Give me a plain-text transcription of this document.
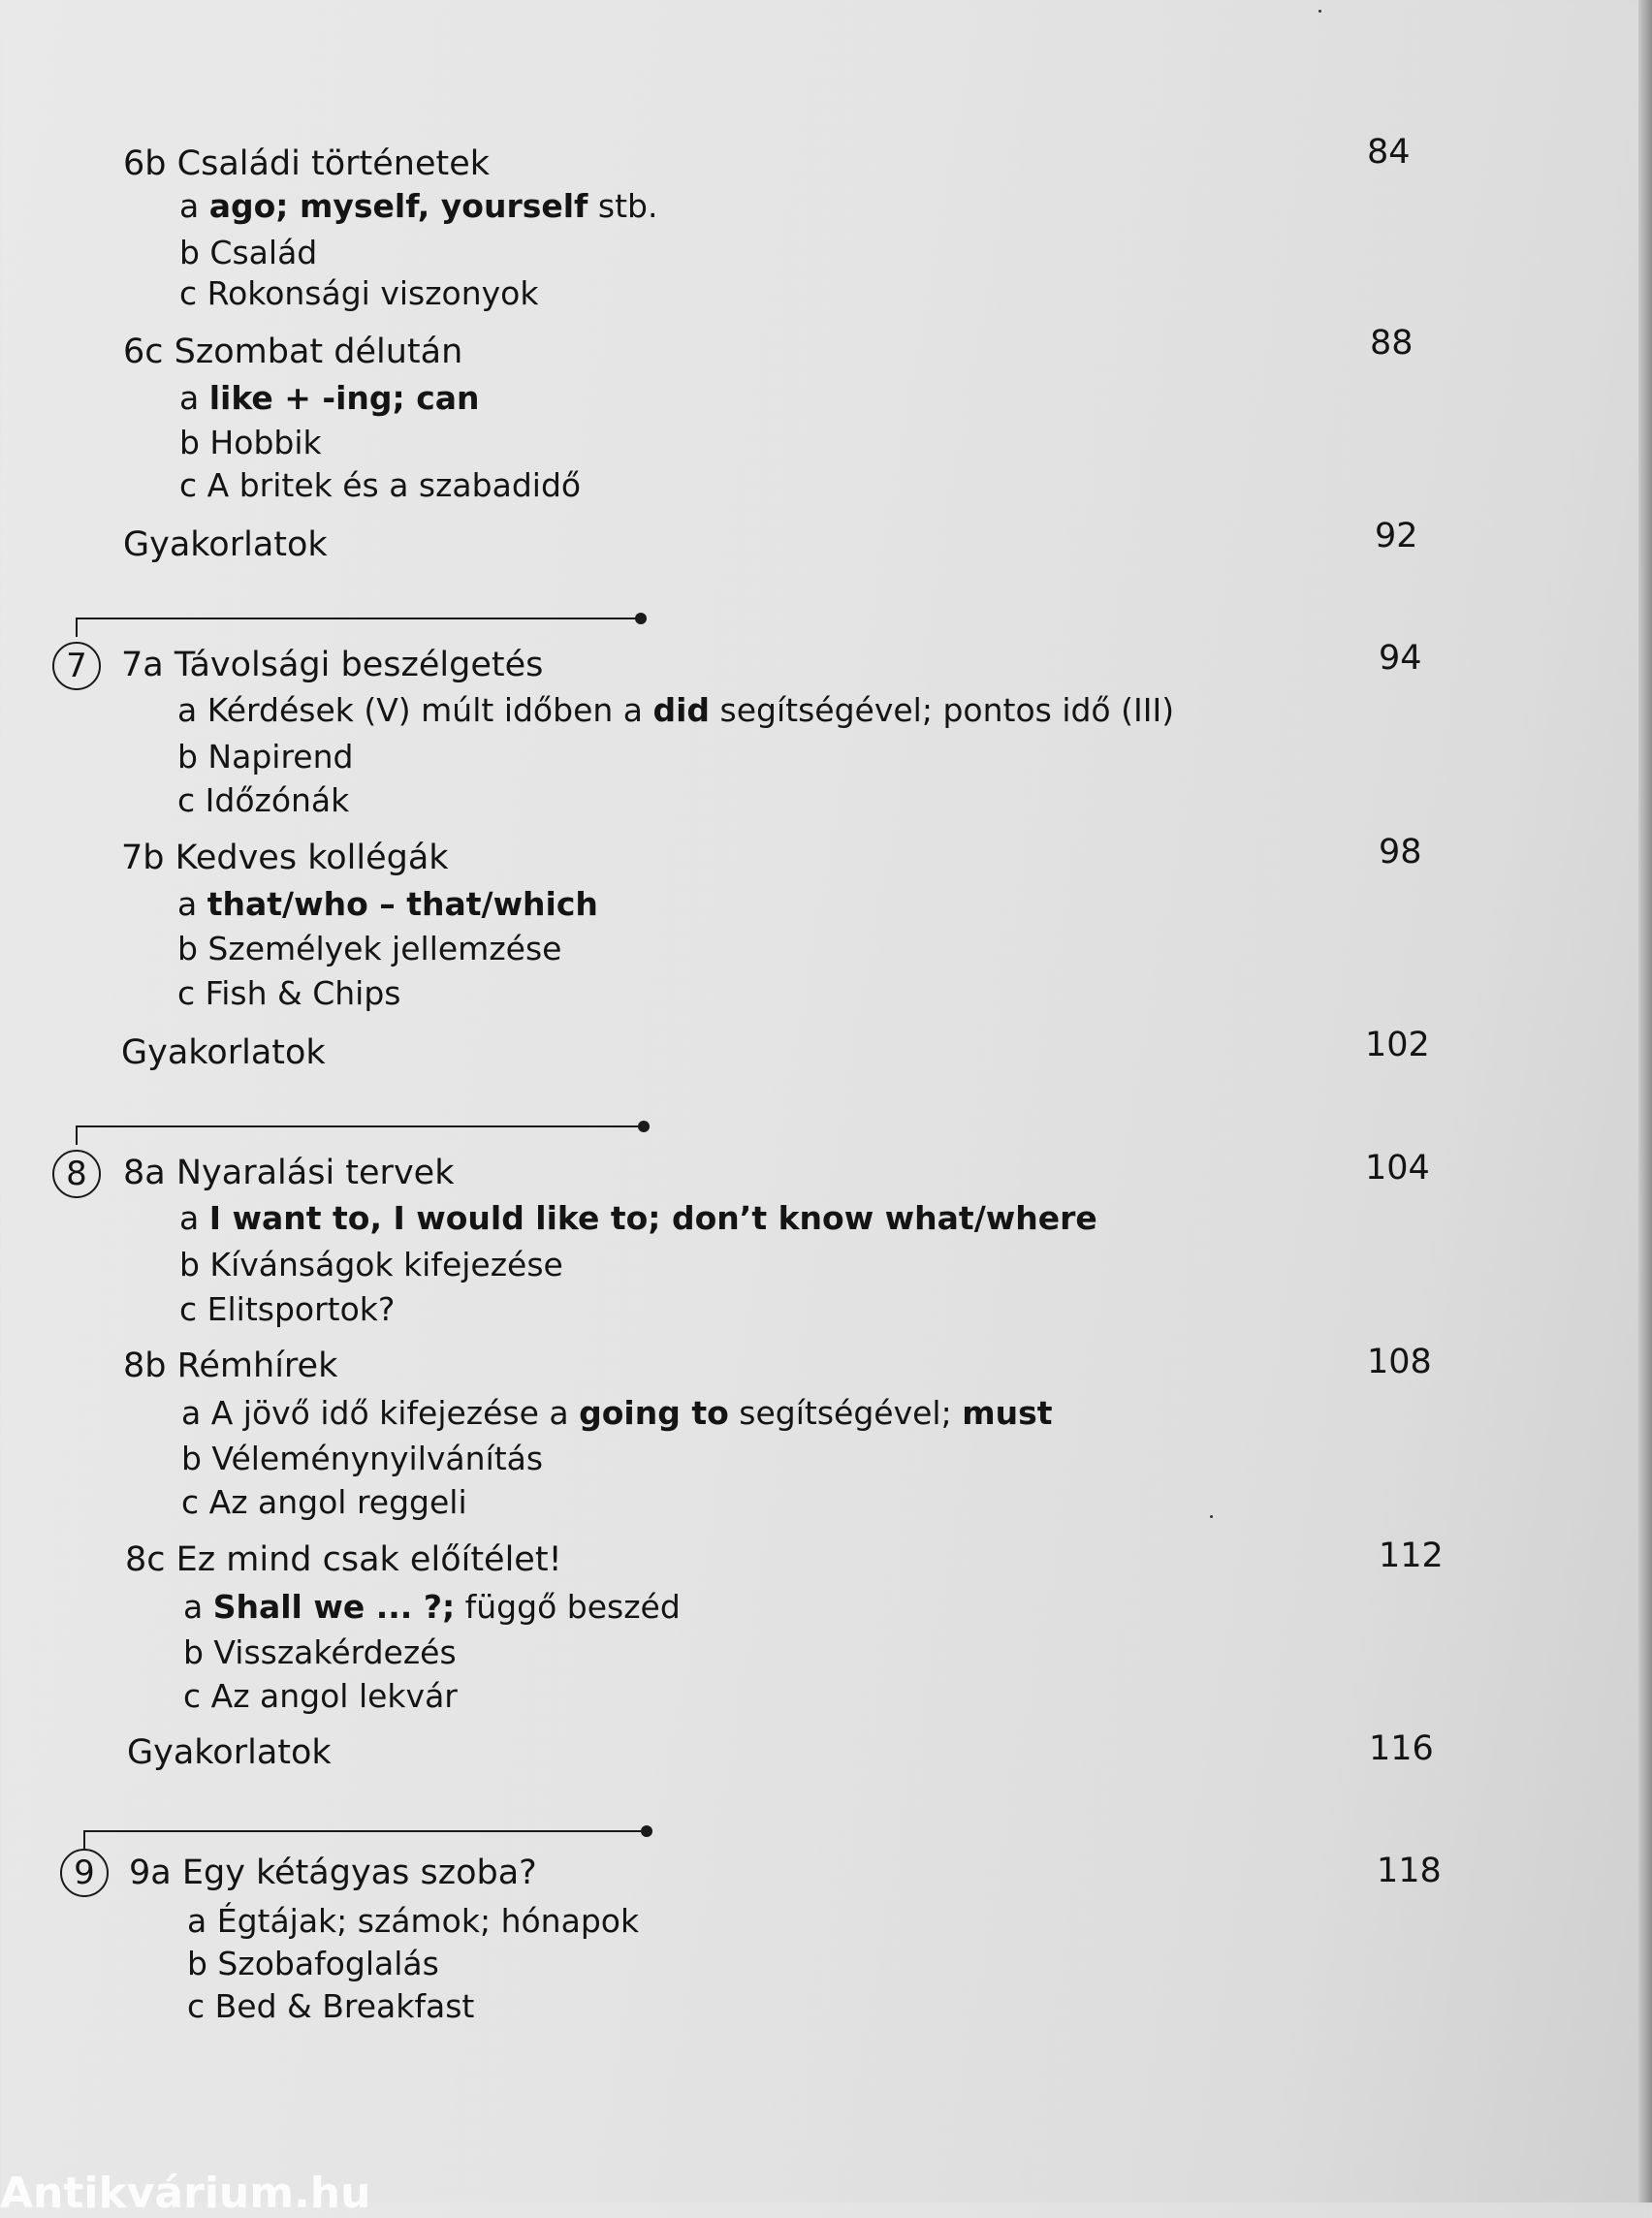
6b Családi történetek	84
a ago; myself, yourself stb.
b Család
c Rokonsági viszonyok
6c Szombat délután	88
a like + -ing; can
b Hobbik
c A britek és a szabadidő
Gyakorlatok	92
7	7a Távolsági beszélgetés	94
a Kérdések (V) múlt időben a did segítségével; pontos idő (III)
b Napirend
c Időzónák
7b Kedves kollégák	98
a that/who – that/which
b Személyek jellemzése
c Fish & Chips
Gyakorlatok	102
8	8a Nyaralási tervek	104
a I want to, I would like to; don’t know what/where
b Kívánságok kifejezése
c Elitsportok?
8b Rémhírek	108
a A jövő idő kifejezése a going to segítségével; must
b Véleménynyilvánítás
c Az angol reggeli
8c Ez mind csak előítélet!	112
a Shall we ... ?; függő beszéd
b Visszakérdezés
c Az angol lekvár
Gyakorlatok	116
9	9a Egy kétágyas szoba?	118
a Égtájak; számok; hónapok
b Szobafoglalás
c Bed & Breakfast
Antikvárium.hu
